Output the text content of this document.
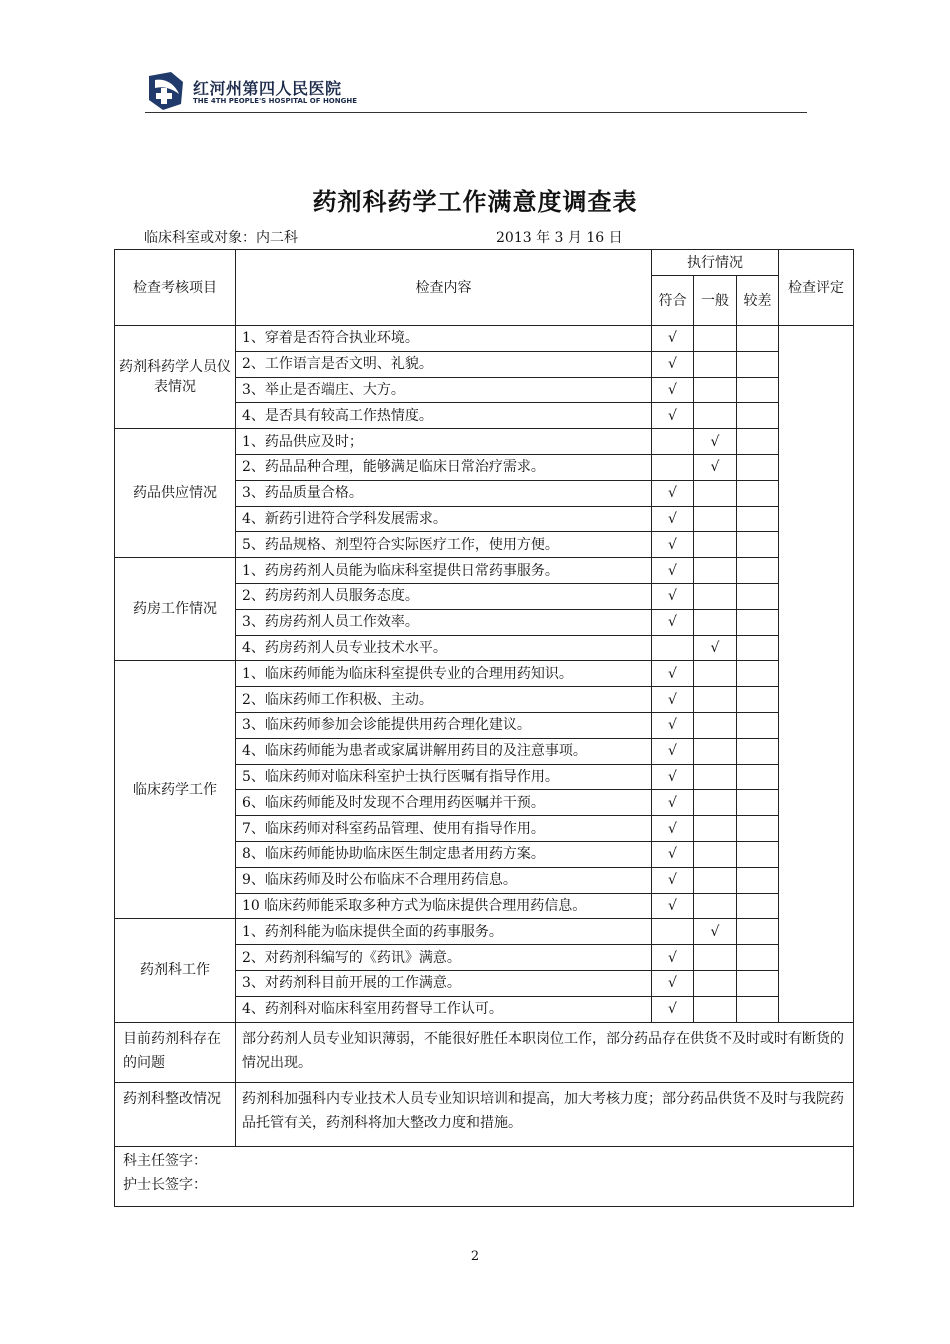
红河州第四人民医院
THE 4TH PEOPLE'S HOSPITAL OF HONGHE
药剂科药学工作满意度调查表
临床科室或对象：内二科	2013 年 3 月 16 日
检查考核项目	检查内容	执行情况			检查评定
		符合	一般	较差	
药剂科药学人员仪表情况	1、穿着是否符合执业环境。	√			
	2、工作语言是否文明、礼貌。	√			
	3、举止是否端庄、大方。	√			
	4、是否具有较高工作热情度。	√			
药品供应情况	1、药品供应及时；		√		
	2、药品品种合理，能够满足临床日常治疗需求。		√		
	3、药品质量合格。	√			
	4、新药引进符合学科发展需求。	√			
	5、药品规格、剂型符合实际医疗工作，使用方便。	√			
药房工作情况	1、药房药剂人员能为临床科室提供日常药事服务。	√			
	2、药房药剂人员服务态度。	√			
	3、药房药剂人员工作效率。	√			
	4、药房药剂人员专业技术水平。		√		
临床药学工作	1、临床药师能为临床科室提供专业的合理用药知识。	√			
	2、临床药师工作积极、主动。	√			
	3、临床药师参加会诊能提供用药合理化建议。	√			
	4、临床药师能为患者或家属讲解用药目的及注意事项。	√			
	5、临床药师对临床科室护士执行医嘱有指导作用。	√			
	6、临床药师能及时发现不合理用药医嘱并干预。	√			
	7、临床药师对科室药品管理、使用有指导作用。	√			
	8、临床药师能协助临床医生制定患者用药方案。	√			
	9、临床药师及时公布临床不合理用药信息。	√			
	10 临床药师能采取多种方式为临床提供合理用药信息。	√			
药剂科工作	1、药剂科能为临床提供全面的药事服务。		√		
	2、对药剂科编写的《药讯》满意。	√			
	3、对药剂科目前开展的工作满意。	√			
	4、药剂科对临床科室用药督导工作认可。	√			
目前药剂科存在的问题	部分药剂人员专业知识薄弱，不能很好胜任本职岗位工作，部分药品存在供货不及时或时有断货的情况出现。				
药剂科整改情况	药剂科加强科内专业技术人员专业知识培训和提高，加大考核力度；部分药品供货不及时与我院药品托管有关，药剂科将加大整改力度和措施。				

科主任签字：
护士长签字：					
2
